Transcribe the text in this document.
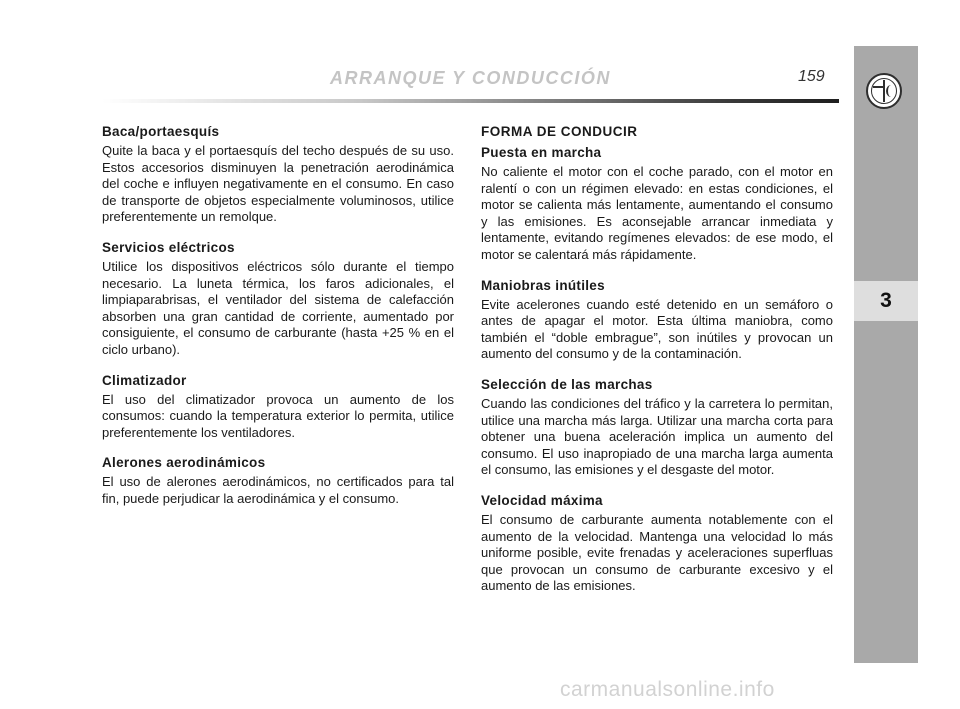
3
ARRANQUE Y CONDUCCIÓN	159
Baca/portaesquís

Quite la baca y el portaesquís del techo después de su uso. Estos accesorios disminuyen la penetración aerodinámica del coche e influyen negativamente en el consumo. En caso de transporte de objetos especialmente voluminosos, utilice preferentemente un remolque.

Servicios eléctricos

Utilice los dispositivos eléctricos sólo durante el tiempo necesario. La luneta térmica, los faros adicionales, el limpiaparabrisas, el ventilador del sistema de calefacción absorben una gran cantidad de corriente, aumentado por consiguiente, el consumo de carburante (hasta +25 % en el ciclo urbano).

Climatizador

El uso del climatizador provoca un aumento de los consumos: cuando la temperatura exterior lo permita, utilice preferentemente los ventiladores.

Alerones aerodinámicos

El uso de alerones aerodinámicos, no certificados para tal fin, puede perjudicar la aerodinámica y el consumo.

FORMA DE CONDUCIR
Puesta en marcha

No caliente el motor con el coche parado, con el motor en ralentí o con un régimen elevado: en estas condiciones, el motor se calienta más lentamente, aumentando el consumo y las emisiones. Es aconsejable arrancar inmediata y lentamente, evitando regímenes elevados: de ese modo, el motor se calentará más rápidamente.

Maniobras inútiles

Evite acelerones cuando esté detenido en un semáforo o antes de apagar el motor. Esta última maniobra, como también el “doble embrague”, son inútiles y provocan un aumento del consumo y de la contaminación.

Selección de las marchas

Cuando las condiciones del tráfico y la carretera lo permitan, utilice una marcha más larga. Utilizar una marcha corta para obtener una buena aceleración implica un aumento del consumo. El uso inapropiado de una marcha larga aumenta el consumo, las emisiones y el desgaste del motor.

Velocidad máxima

El consumo de carburante aumenta notablemente con el aumento de la velocidad. Mantenga una velocidad lo más uniforme posible, evite frenadas y aceleraciones superfluas que provocan un consumo de carburante excesivo y el aumento de las emisiones.

carmanualsonline.info
